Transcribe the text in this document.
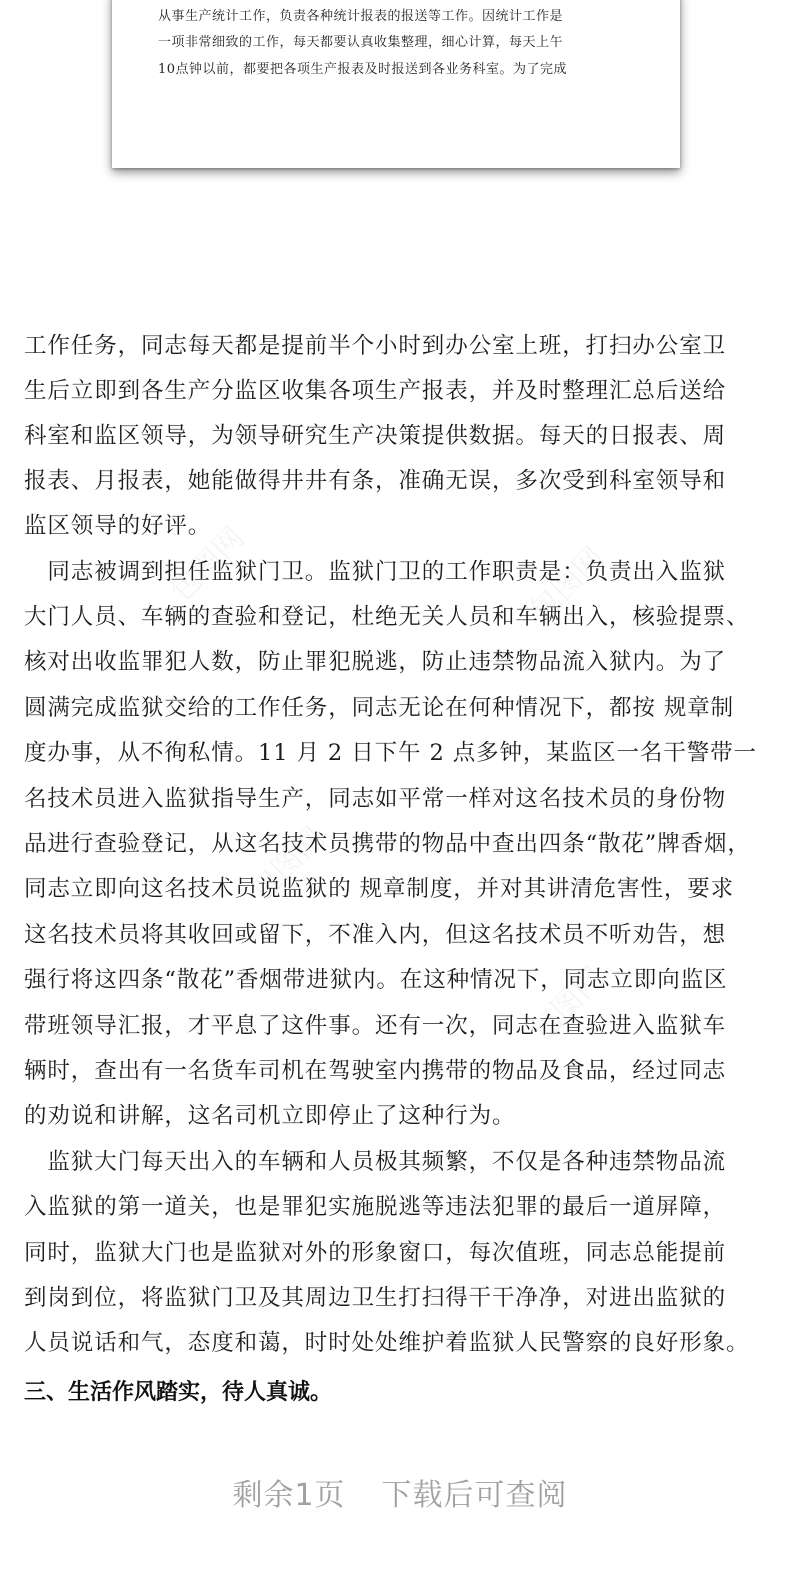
从事生产统计工作，负责各种统计报表的报送等工作。因统计工作是
一项非常细致的工作，每天都要认真收集整理，细心计算，每天上午
10点钟以前，都要把各项生产报表及时报送到各业务科室。为了完成
工作任务，同志每天都是提前半个小时到办公室上班，打扫办公室卫
生后立即到各生产分监区收集各项生产报表，并及时整理汇总后送给
科室和监区领导，为领导研究生产决策提供数据。每天的日报表、周
报表、月报表，她能做得井井有条，准确无误，多次受到科室领导和
监区领导的好评。
　同志被调到担任监狱门卫。监狱门卫的工作职责是：负责出入监狱
大门人员、车辆的查验和登记，杜绝无关人员和车辆出入，核验提票、
核对出收监罪犯人数，防止罪犯脱逃，防止违禁物品流入狱内。为了
圆满完成监狱交给的工作任务，同志无论在何种情况下，都按 规章制
度办事，从不徇私情。11 月 2 日下午 2 点多钟，某监区一名干警带一
名技术员进入监狱指导生产，同志如平常一样对这名技术员的身份物
品进行查验登记，从这名技术员携带的物品中查出四条“散花”牌香烟，
同志立即向这名技术员说监狱的 规章制度，并对其讲清危害性，要求
这名技术员将其收回或留下，不准入内，但这名技术员不听劝告，想
强行将这四条“散花”香烟带进狱内。在这种情况下，同志立即向监区
带班领导汇报，才平息了这件事。还有一次，同志在查验进入监狱车
辆时，查出有一名货车司机在驾驶室内携带的物品及食品，经过同志
的劝说和讲解，这名司机立即停止了这种行为。
　监狱大门每天出入的车辆和人员极其频繁，不仅是各种违禁物品流
入监狱的第一道关，也是罪犯实施脱逃等违法犯罪的最后一道屏障，
同时，监狱大门也是监狱对外的形象窗口，每次值班，同志总能提前
到岗到位，将监狱门卫及其周边卫生打扫得干干净净，对进出监狱的
人员说话和气，态度和蔼，时时处处维护着监狱人民警察的良好形象。
三、生活作风踏实，待人真诚。
剩余1页 下载后可查阅
